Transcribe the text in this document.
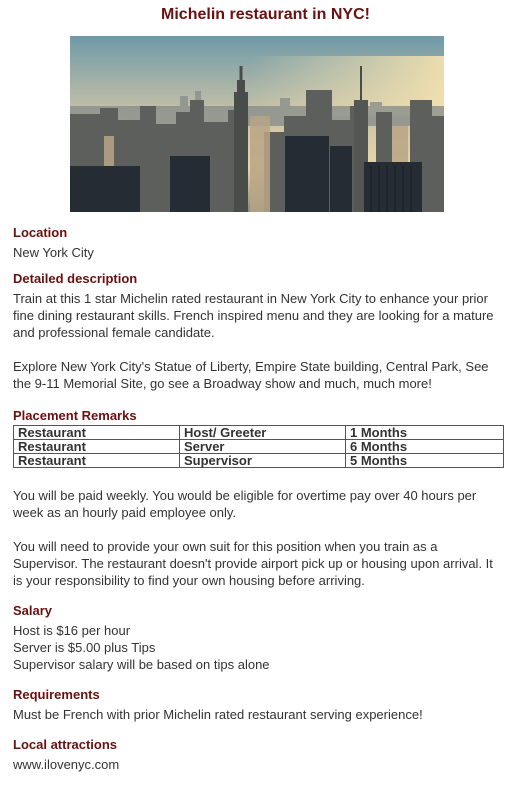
Michelin restaurant in NYC!
Location
New York City
Detailed description
Train at this 1 star Michelin rated restaurant in New York City to enhance your prior fine dining restaurant skills. French inspired menu and they are looking for a mature and professional female candidate.
Explore New York City's Statue of Liberty, Empire State building, Central Park, See the 9-11 Memorial Site, go see a Broadway show and much, much more!
Placement Remarks
Restaurant	Host/ Greeter	1 Months
Restaurant	Server	6 Months
Restaurant	Supervisor	5 Months
You will be paid weekly. You would be eligible for overtime pay over 40 hours per week as an hourly paid employee only.
You will need to provide your own suit for this position when you train as a Supervisor. The restaurant doesn't provide airport pick up or housing upon arrival. It is your responsibility to find your own housing before arriving.
Salary
Host is $16 per hour
Server is $5.00 plus Tips
Supervisor salary will be based on tips alone
Requirements
Must be French with prior Michelin rated restaurant serving experience!
Local attractions
www.ilovenyc.com
